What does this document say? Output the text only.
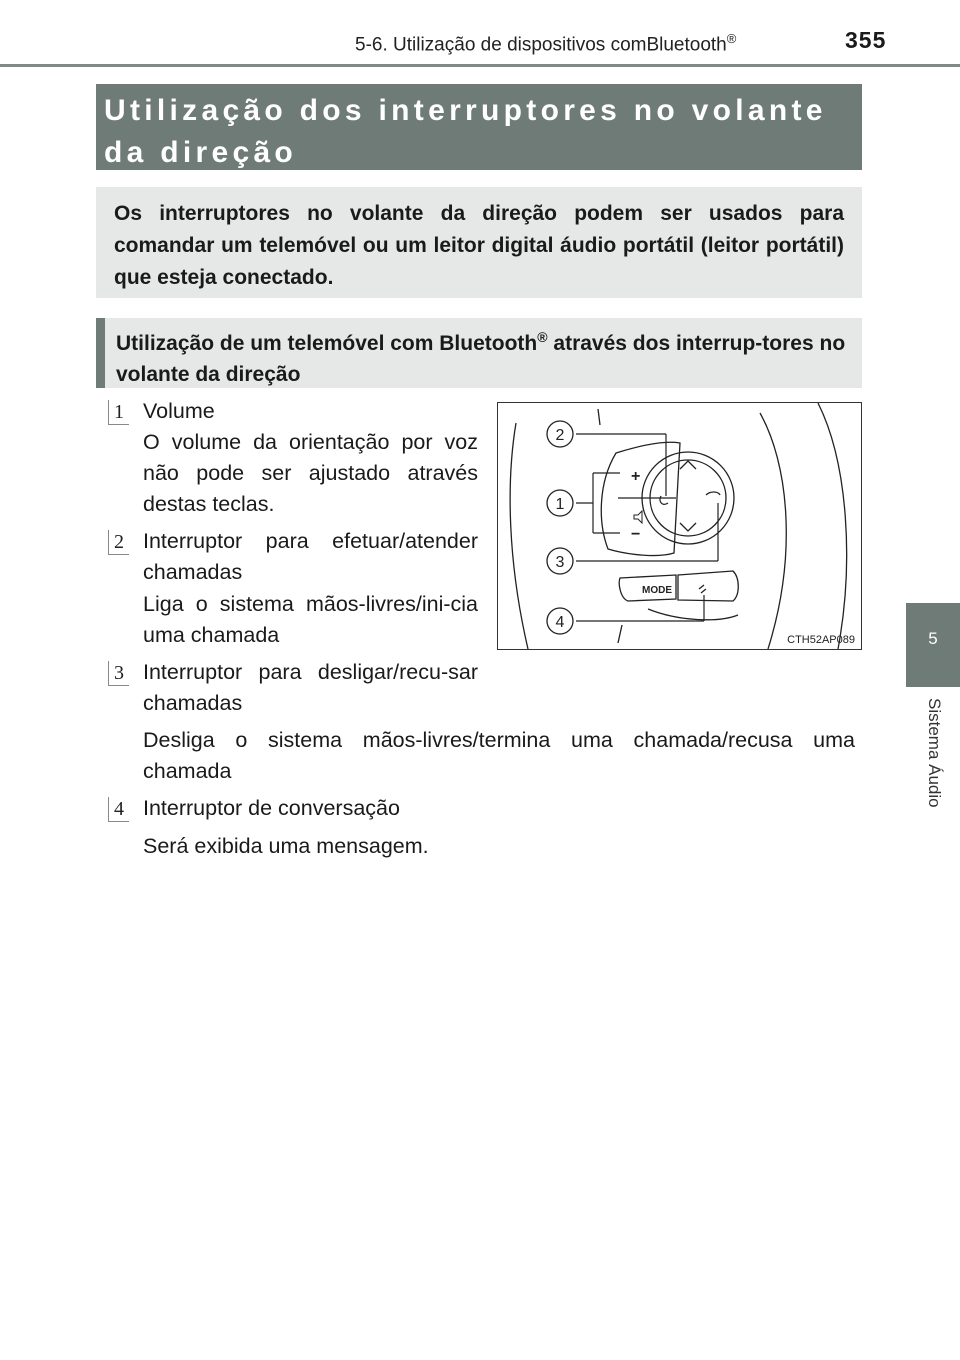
5-6. Utilização de dispositivos comBluetooth®	355
5
Sistema Áudio
Utilização dos interruptores no volante da direção
Os interruptores no volante da direção podem ser usados para comandar um telemóvel ou um leitor digital áudio portátil (leitor portátil) que esteja conectado.
Utilização de um telemóvel com Bluetooth® através dos interrup-tores no volante da direção
1 Volume
O volume da orientação por voz não pode ser ajustado através destas teclas.
2 Interruptor para efetuar/atender chamadas
Liga o sistema mãos-livres/ini-cia uma chamada
3 Interruptor para desligar/recu-sar chamadas
Desliga o sistema mãos-livres/termina uma chamada/recusa uma chamada
4 Interruptor de conversação
Será exibida uma mensagem.
+
−
MODE
2
1
3
4
CTH52AP089
